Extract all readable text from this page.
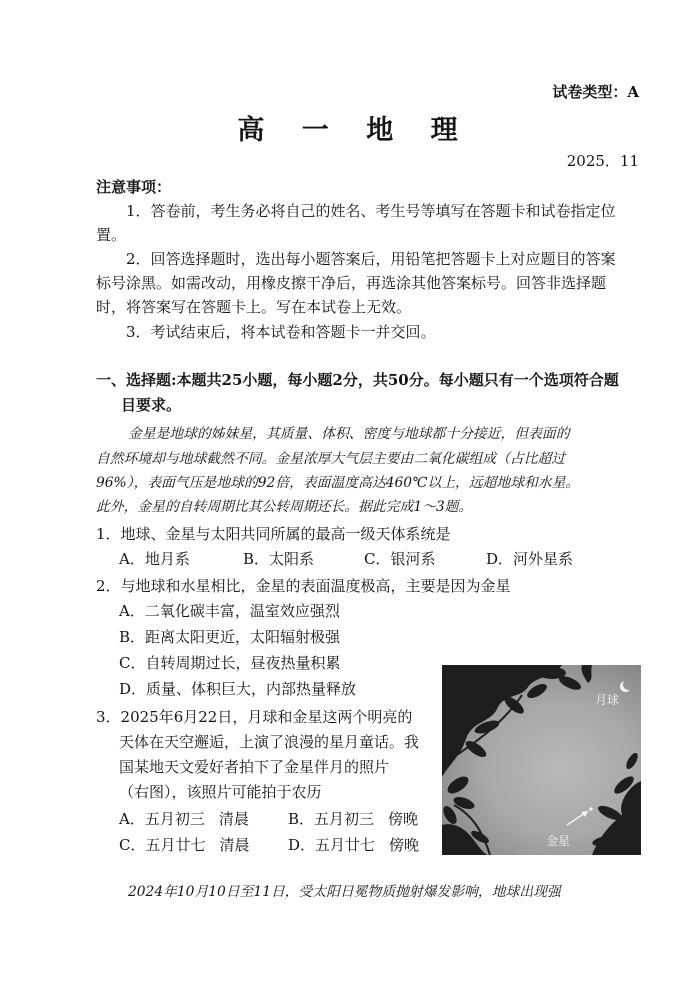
试卷类型：A
高 一 地 理
2025．11
注意事项：
1．答卷前，考生务必将自己的姓名、考生号等填写在答题卡和试卷指定位
置。
2．回答选择题时，选出每小题答案后，用铅笔把答题卡上对应题目的答案
标号涂黑。如需改动，用橡皮擦干净后，再选涂其他答案标号。回答非选择题
时，将答案写在答题卡上。写在本试卷上无效。
3．考试结束后，将本试卷和答题卡一并交回。
一、选择题:本题共25小题，每小题2分，共50分。每小题只有一个选项符合题
目要求。
金星是地球的姊妹星，其质量、体积、密度与地球都十分接近，但表面的
自然环境却与地球截然不同。金星浓厚大气层主要由二氧化碳组成（占比超过
96%），表面气压是地球的92倍，表面温度高达460℃以上，远超地球和水星。
此外，金星的自转周期比其公转周期还长。据此完成1～3题。
1．地球、金星与太阳共同所属的最高一级天体系统是
A．地月系	B．太阳系	C．银河系	D．河外星系
2．与地球和水星相比，金星的表面温度极高，主要是因为金星
A．二氧化碳丰富，温室效应强烈
B．距离太阳更近，太阳辐射极强
C．自转周期过长，昼夜热量积累
D．质量、体积巨大，内部热量释放
3．2025年6月22日，月球和金星这两个明亮的
天体在天空邂逅，上演了浪漫的星月童话。我
国某地天文爱好者拍下了金星伴月的照片
（右图），该照片可能拍于农历
A．五月初三 清晨	B．五月初三 傍晚
C．五月廿七 清晨	D．五月廿七 傍晚
月球
金星
2024年10月10日至11日，受太阳日冕物质抛射爆发影响，地球出现强
